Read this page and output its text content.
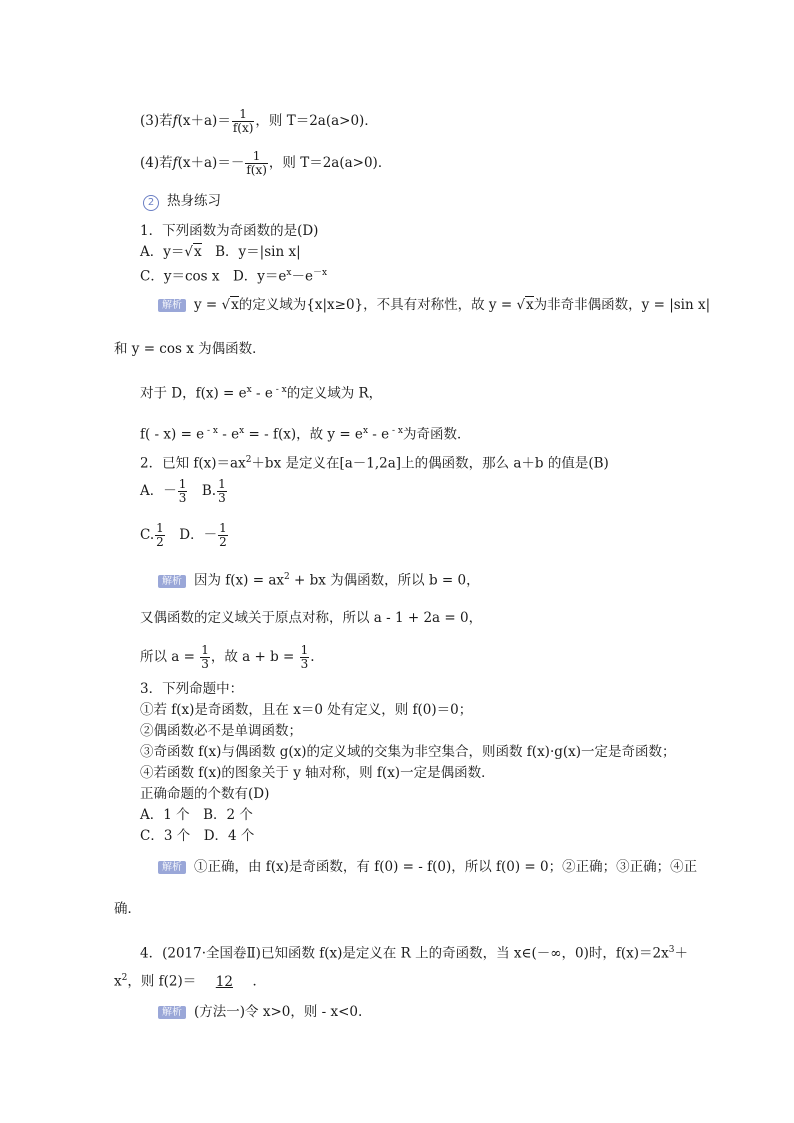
(3)若$f(x+a)= \frac{1}{f(x)}$ ，则 T＝2a(a>0)．
(4)若$f(x+a)=- \frac{1}{f(x)}$ ，则 T＝2a(a>0)．
2 热身练习
1．下列函数为奇函数的是(D)
A．y＝√x　 B．y＝|sin x|
C．y＝cos x　D．$y=e^x-e^{-x}$
解析 y = √x的定义域为{x|x≥0}，不具有对称性，故 y = √x为非奇非偶函数，y = |sin x|
和 y = cos x 为偶函数．
对于 D，$f(x) = e^x - e$ $^{- x}$的定义域为 R，
f( - x) = e $^{- x} - e^x$ = - f(x)，故 $y = e^x - e$ $^{- x}$为奇函数．
2．已知 $f(x)=ax^2+bx$ 是定义在[a－1,2a]上的偶函数，那么 a＋b 的值是(B)
A．－ $\frac{1}{3}$
　 B. $\frac{1}{3}$
C. $\frac{1}{2}$
　 D．－ $\frac{1}{2}$
解析 因为 $f(x) = ax^2$ + bx 为偶函数，所以 b = 0，
又偶函数的定义域关于原点对称，所以 a - 1 + 2a = 0，
所以 $a = \frac{1}{3}$ ，故 $a + b = \frac{1}{3}$ .
3．下列命题中：
①若 f(x)是奇函数，且在 x＝0 处有定义，则 f(0)＝0；
②偶函数必不是单调函数；
③奇函数 f(x)与偶函数 g(x)的定义域的交集为非空集合，则函数 f(x)·g(x)一定是奇函数；
④若函数 f(x)的图象关于 y 轴对称，则 f(x)一定是偶函数．
正确命题的个数有(D)
A．1 个　B．2 个
C．3 个　D．4 个
解析 ①正确，由 f(x)是奇函数，有 f(0) = - f(0)，所以 f(0) = 0；②正确；③正确；④正
确．
4．(2017·全国卷Ⅱ)已知函数 f(x)是定义在 R 上的奇函数，当 x∈(－∞，0)时，$f(x)=2x^3+$
$x^2$，则 f(2)＝　 12　 ．
解析 (方法一)令 x>0，则 - x<0.
